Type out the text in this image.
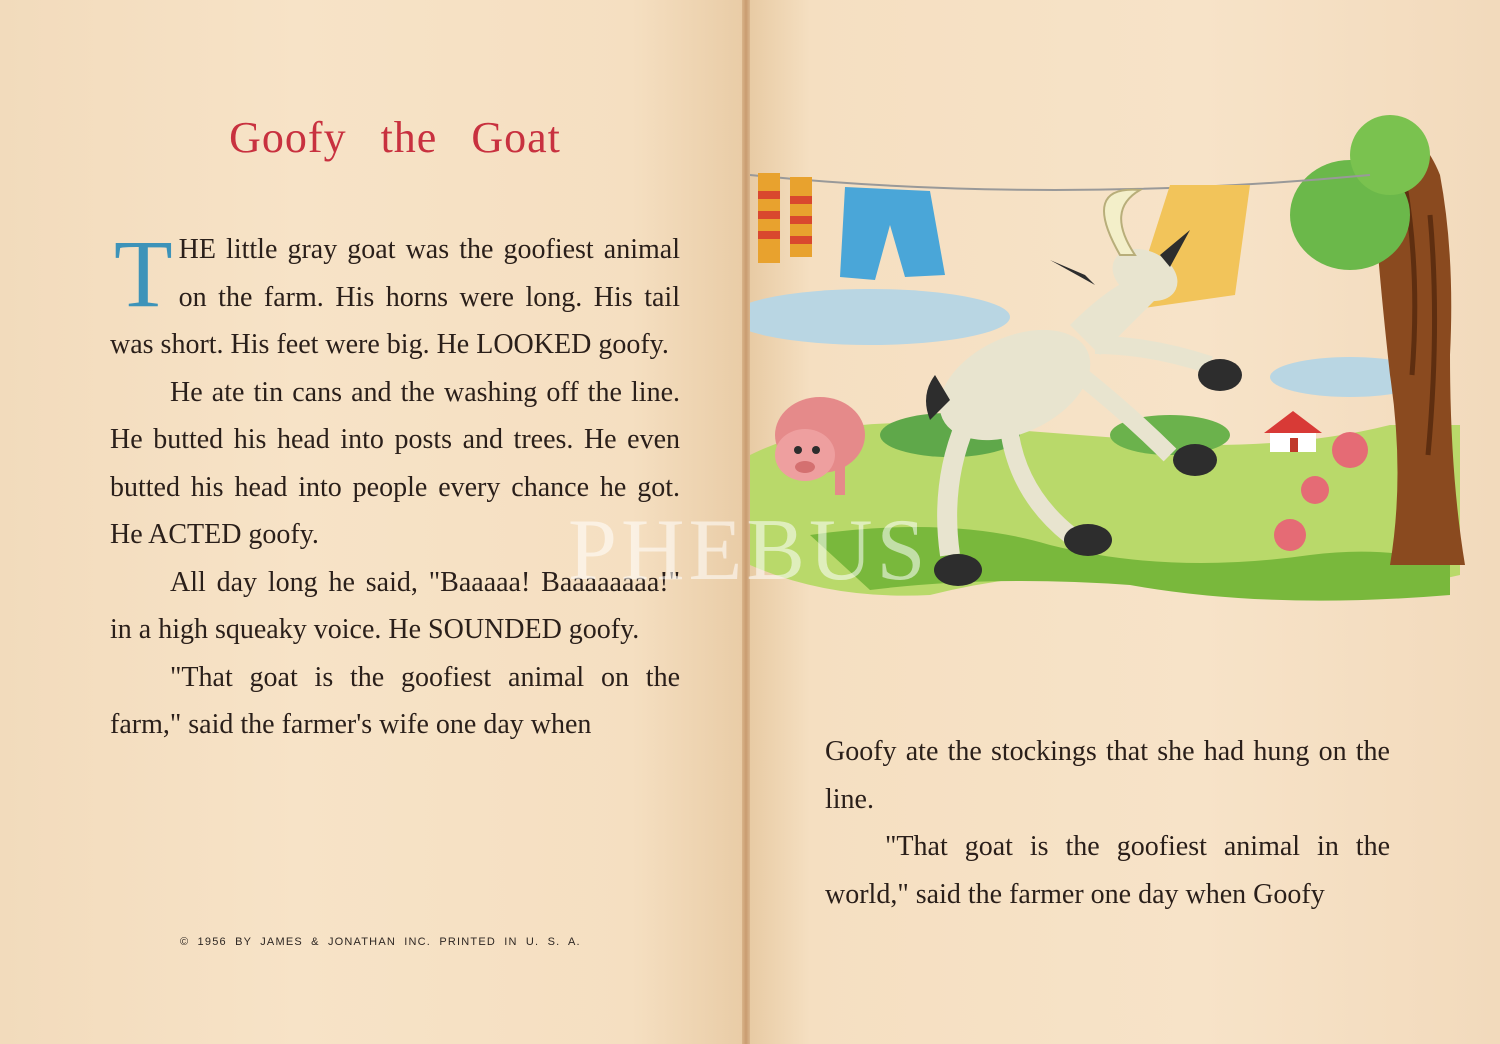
Goofy the Goat

THE little gray goat was the goofiest animal on the farm. His horns were long. His tail was short. His feet were big. He LOOKED goofy.

He ate tin cans and the washing off the line. He butted his head into posts and trees. He even butted his head into people every chance he got. He ACTED goofy.

All day long he said, "Baaaaa! Baaaaaaaa!" in a high squeaky voice. He SOUNDED goofy.

"That goat is the goofiest animal on the farm," said the farmer's wife one day when

© 1956 BY JAMES & JONATHAN INC. PRINTED IN U. S. A.

Goofy ate the stockings that she had hung on the line.

"That goat is the goofiest animal in the world," said the farmer one day when Goofy

PHEBUS
